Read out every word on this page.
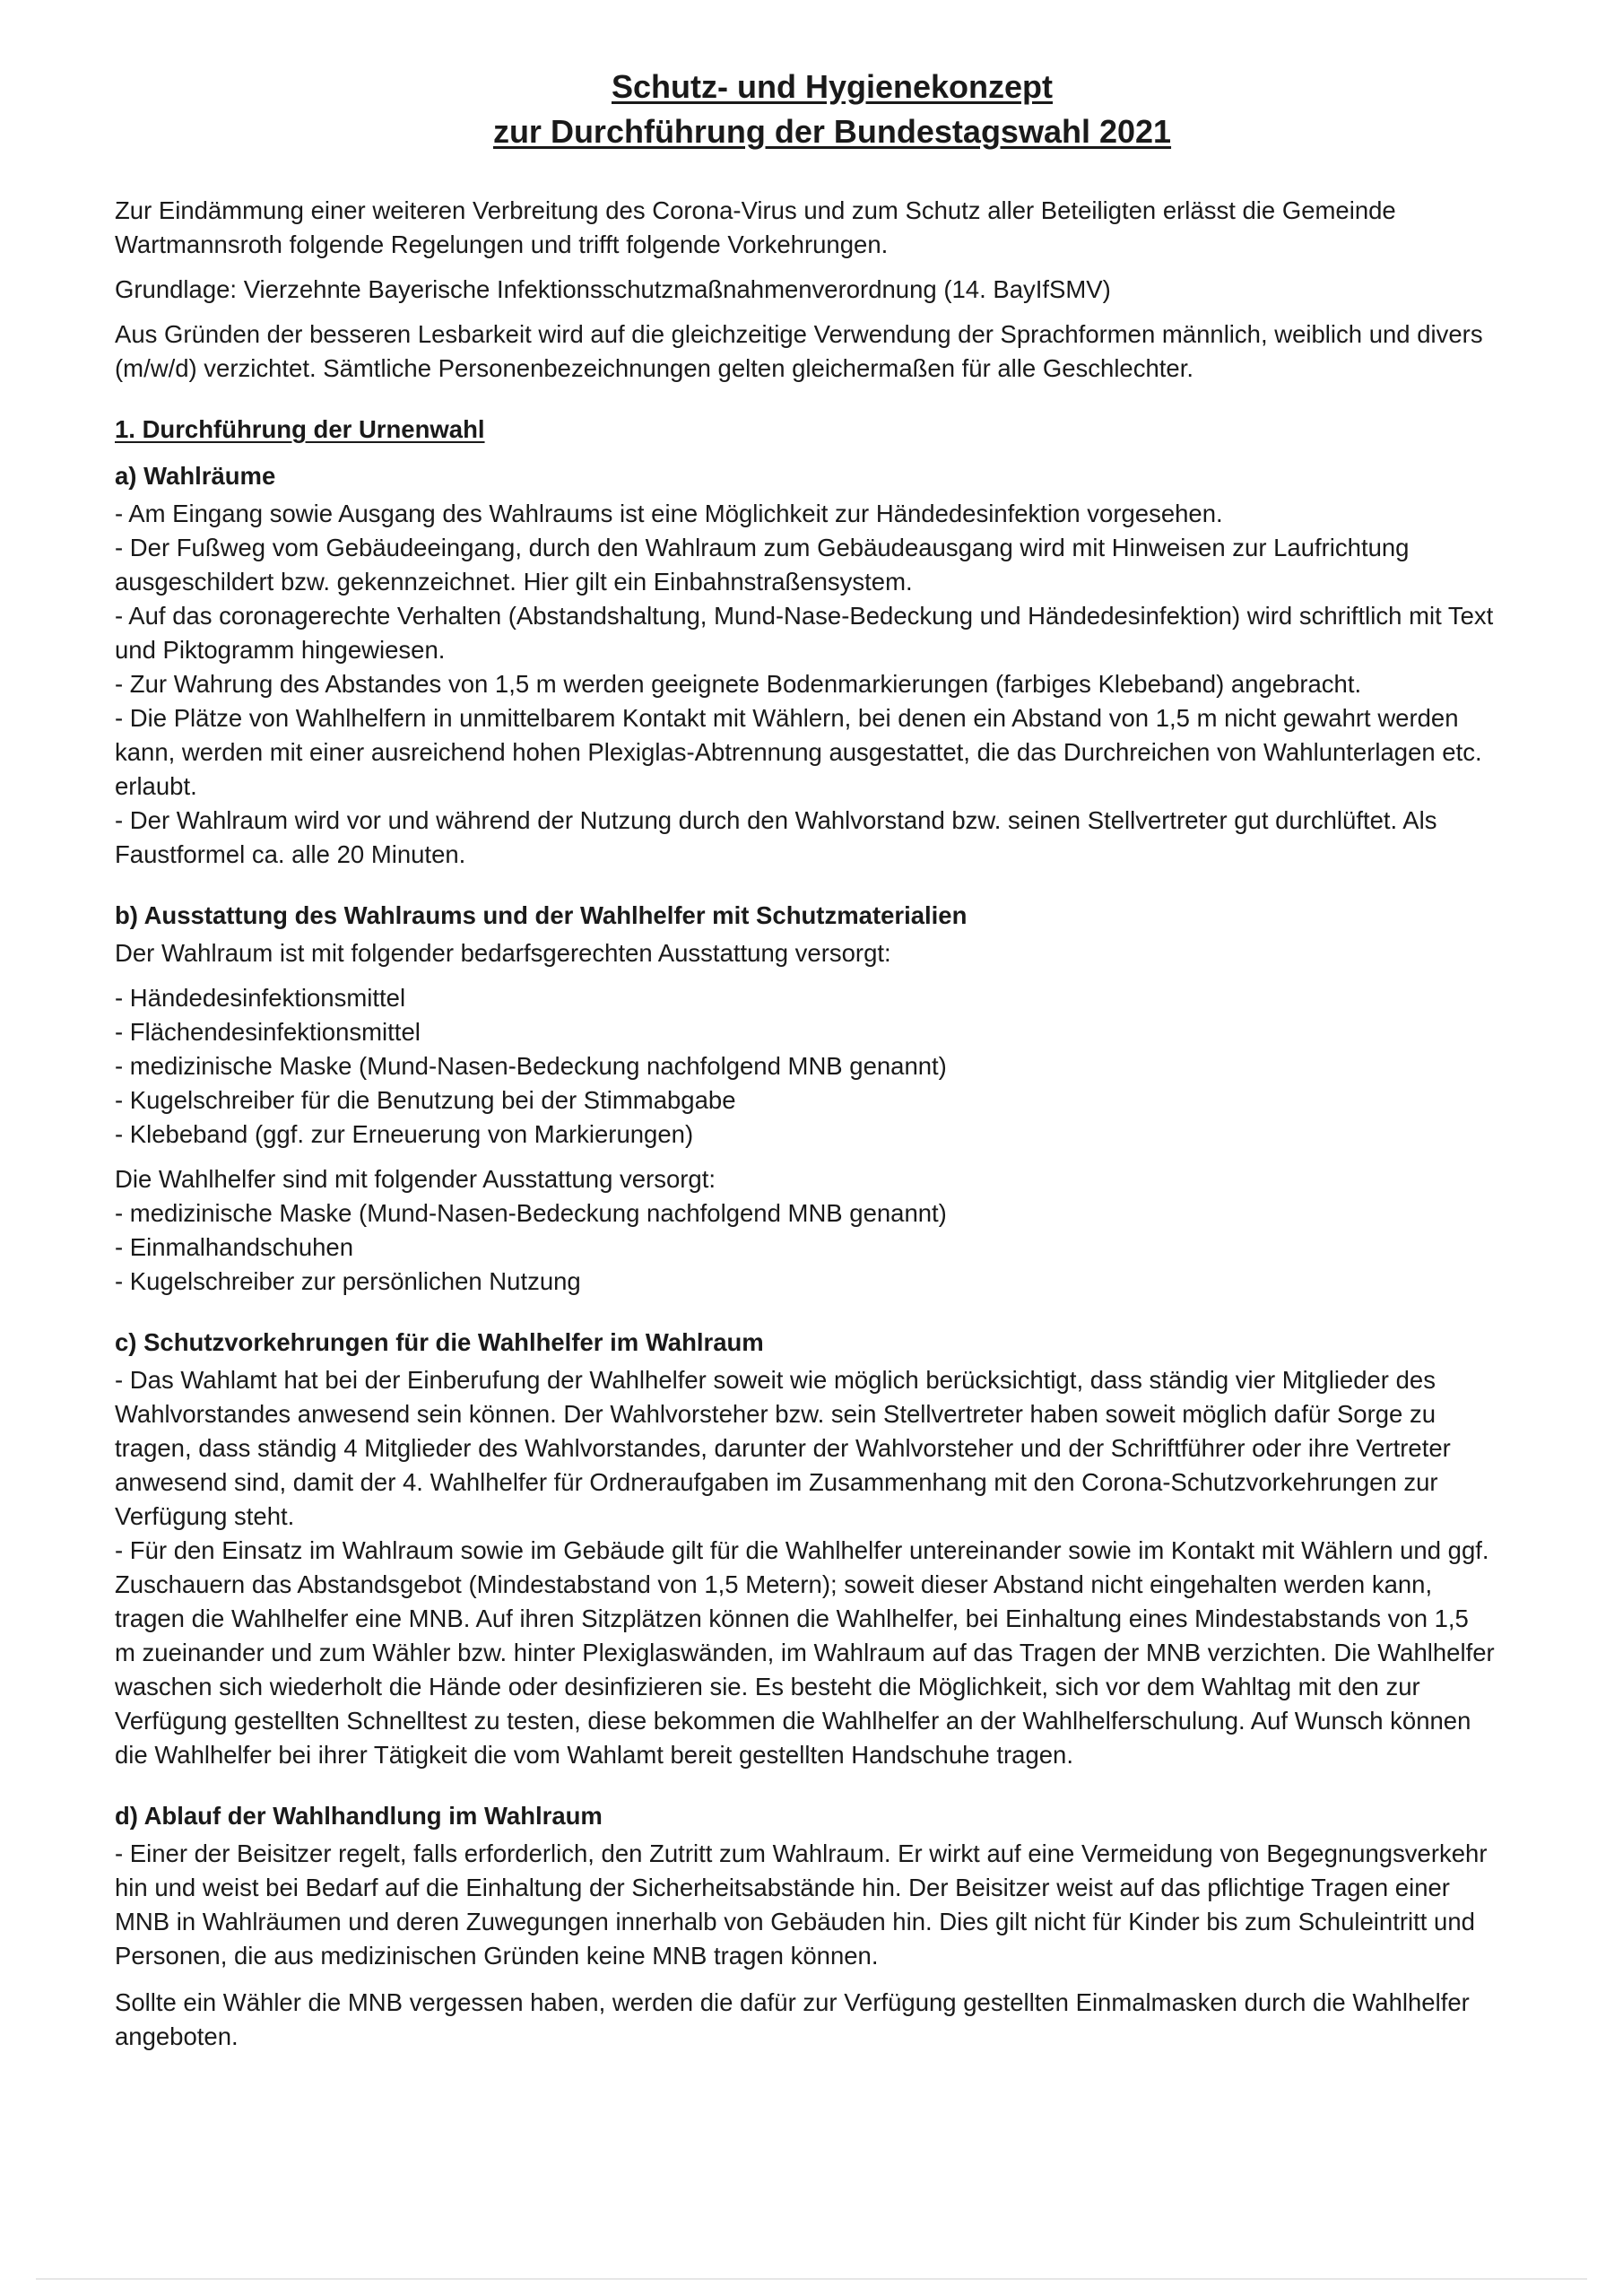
Schutz- und Hygienekonzept

zur Durchführung der Bundestagswahl 2021

Zur Eindämmung einer weiteren Verbreitung des Corona-Virus und zum Schutz aller Beteiligten erlässt die Gemeinde Wartmannsroth folgende Regelungen und trifft folgende Vorkehrungen.

Grundlage: Vierzehnte Bayerische Infektionsschutzmaßnahmenverordnung (14. BayIfSMV)

Aus Gründen der besseren Lesbarkeit wird auf die gleichzeitige Verwendung der Sprachformen männlich, weiblich und divers (m/w/d) verzichtet. Sämtliche Personenbezeichnungen gelten gleichermaßen für alle Geschlechter.

1. Durchführung der Urnenwahl

a) Wahlräume

- Am Eingang sowie Ausgang des Wahlraums ist eine Möglichkeit zur Händedesinfektion vorgesehen.
- Der Fußweg vom Gebäudeeingang, durch den Wahlraum zum Gebäudeausgang wird mit Hinweisen zur Laufrichtung ausgeschildert bzw. gekennzeichnet. Hier gilt ein Einbahnstraßensystem.
- Auf das coronagerechte Verhalten (Abstandshaltung, Mund-Nase-Bedeckung und Händedesinfektion) wird schriftlich mit Text und Piktogramm hingewiesen.
- Zur Wahrung des Abstandes von 1,5 m werden geeignete Bodenmarkierungen (farbiges Klebeband) angebracht.
- Die Plätze von Wahlhelfern in unmittelbarem Kontakt mit Wählern, bei denen ein Abstand von 1,5 m nicht gewahrt werden kann, werden mit einer ausreichend hohen Plexiglas-Abtrennung ausgestattet, die das Durchreichen von Wahlunterlagen etc. erlaubt.
- Der Wahlraum wird vor und während der Nutzung durch den Wahlvorstand bzw. seinen Stellvertreter gut durchlüftet. Als Faustformel ca. alle 20 Minuten.

b) Ausstattung des Wahlraums und der Wahlhelfer mit Schutzmaterialien

Der Wahlraum ist mit folgender bedarfsgerechten Ausstattung versorgt:

- Händedesinfektionsmittel
- Flächendesinfektionsmittel
- medizinische Maske (Mund-Nasen-Bedeckung nachfolgend MNB genannt)
- Kugelschreiber für die Benutzung bei der Stimmabgabe
- Klebeband (ggf. zur Erneuerung von Markierungen)

Die Wahlhelfer sind mit folgender Ausstattung versorgt:

- medizinische Maske (Mund-Nasen-Bedeckung nachfolgend MNB genannt)
- Einmalhandschuhen
- Kugelschreiber zur persönlichen Nutzung

c) Schutzvorkehrungen für die Wahlhelfer im Wahlraum

- Das Wahlamt hat bei der Einberufung der Wahlhelfer soweit wie möglich berücksichtigt, dass ständig vier Mitglieder des Wahlvorstandes anwesend sein können. Der Wahlvorsteher bzw. sein Stellvertreter haben soweit möglich dafür Sorge zu tragen, dass ständig 4 Mitglieder des Wahlvorstandes, darunter der Wahlvorsteher und der Schriftführer oder ihre Vertreter anwesend sind, damit der 4. Wahlhelfer für Ordneraufgaben im Zusammenhang mit den Corona-Schutzvorkehrungen zur Verfügung steht.
- Für den Einsatz im Wahlraum sowie im Gebäude gilt für die Wahlhelfer untereinander sowie im Kontakt mit Wählern und ggf. Zuschauern das Abstandsgebot (Mindestabstand von 1,5 Metern); soweit dieser Abstand nicht eingehalten werden kann, tragen die Wahlhelfer eine MNB. Auf ihren Sitzplätzen können die Wahlhelfer, bei Einhaltung eines Mindestabstands von 1,5 m zueinander und zum Wähler bzw. hinter Plexiglaswänden, im Wahlraum auf das Tragen der MNB verzichten. Die Wahlhelfer waschen sich wiederholt die Hände oder desinfizieren sie. Es besteht die Möglichkeit, sich vor dem Wahltag mit den zur Verfügung gestellten Schnelltest zu testen, diese bekommen die Wahlhelfer an der Wahlhelferschulung. Auf Wunsch können die Wahlhelfer bei ihrer Tätigkeit die vom Wahlamt bereit gestellten Handschuhe tragen.

d) Ablauf der Wahlhandlung im Wahlraum

- Einer der Beisitzer regelt, falls erforderlich, den Zutritt zum Wahlraum. Er wirkt auf eine Vermeidung von Begegnungsverkehr hin und weist bei Bedarf auf die Einhaltung der Sicherheitsabstände hin. Der Beisitzer weist auf das pflichtige Tragen einer MNB in Wahlräumen und deren Zuwegungen innerhalb von Gebäuden hin. Dies gilt nicht für Kinder bis zum Schuleintritt und Personen, die aus medizinischen Gründen keine MNB tragen können.

Sollte ein Wähler die MNB vergessen haben, werden die dafür zur Verfügung gestellten Einmalmasken durch die Wahlhelfer angeboten.
